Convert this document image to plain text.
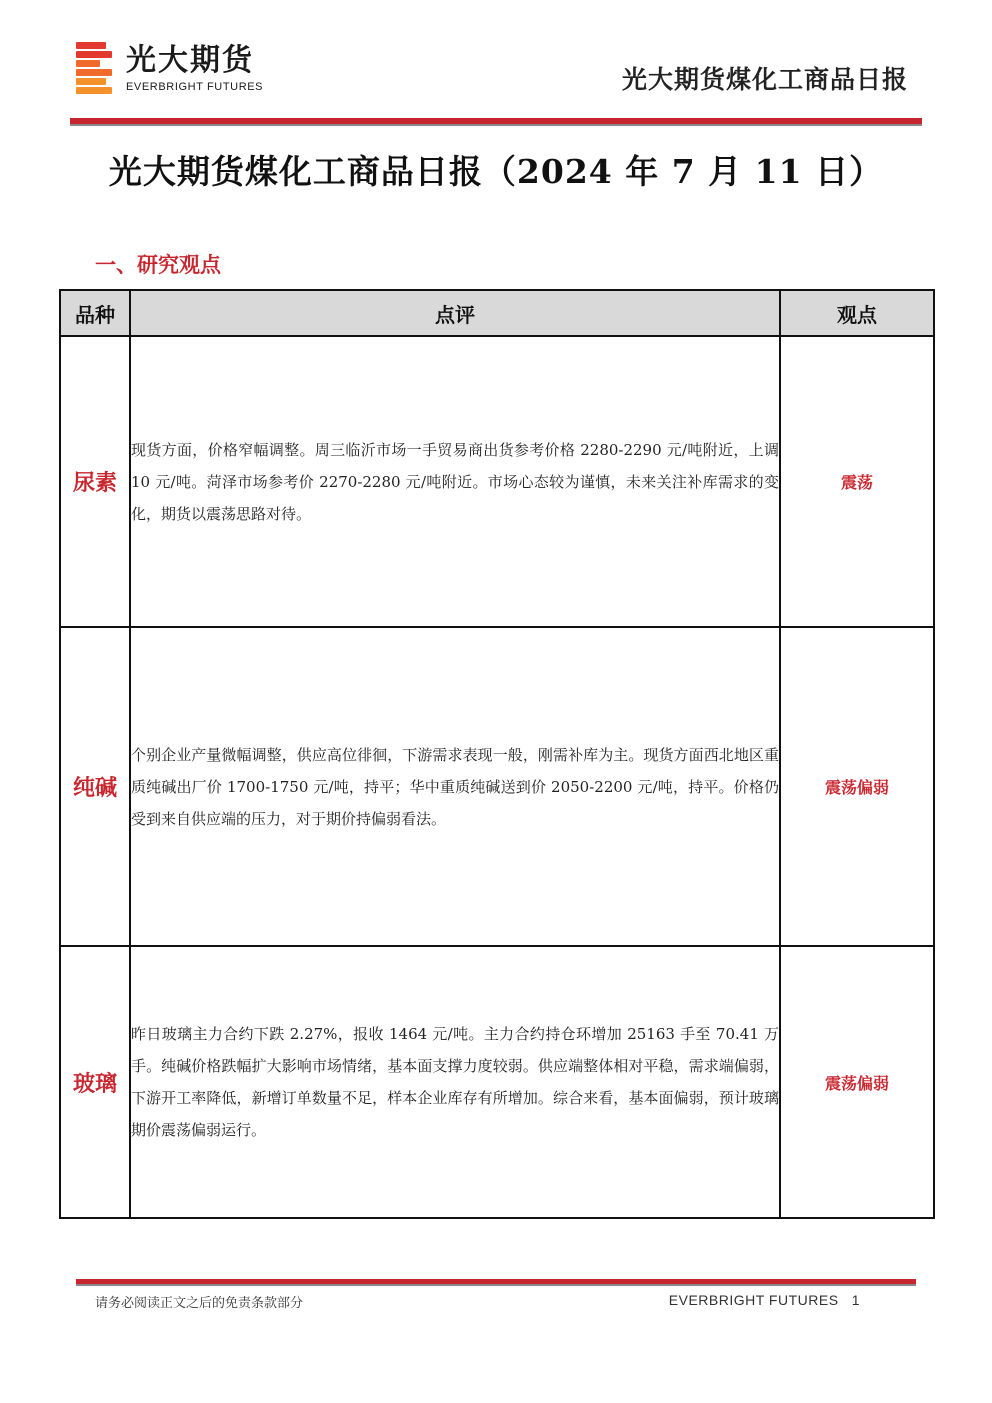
光大期货
EVERBRIGHT FUTURES	光大期货煤化工商品日报
光大期货煤化工商品日报（2024 年 7 月 11 日）
一、研究观点
品种	点评	观点
尿素	现货方面，价格窄幅调整。周三临沂市场一手贸易商出货参考价格 2280-2290 元/吨附近，上调 10 元/吨。菏泽市场参考价 2270-2280 元/吨附近。市场心态较为谨慎，未来关注补库需求的变化，期货以震荡思路对待。	震荡
纯碱	个别企业产量微幅调整，供应高位徘徊，下游需求表现一般，刚需补库为主。现货方面西北地区重质纯碱出厂价 1700-1750 元/吨，持平；华中重质纯碱送到价 2050-2200 元/吨，持平。价格仍受到来自供应端的压力，对于期价持偏弱看法。	震荡偏弱
玻璃	昨日玻璃主力合约下跌 2.27%，报收 1464 元/吨。主力合约持仓环增加 25163 手至 70.41 万手。纯碱价格跌幅扩大影响市场情绪，基本面支撑力度较弱。供应端整体相对平稳，需求端偏弱，下游开工率降低，新增订单数量不足，样本企业库存有所增加。综合来看，基本面偏弱，预计玻璃期价震荡偏弱运行。	震荡偏弱
请务必阅读正文之后的免责条款部分	EVERBRIGHT FUTURES 1
